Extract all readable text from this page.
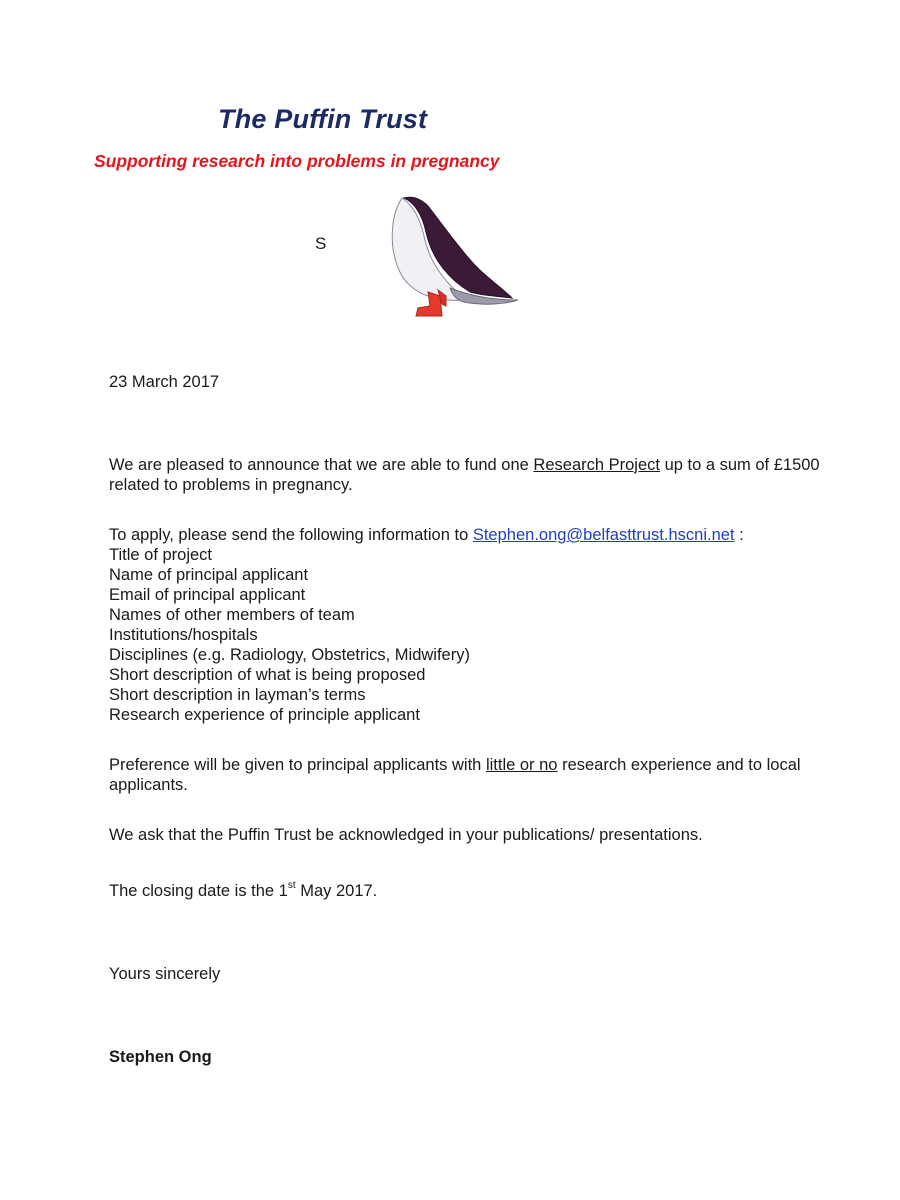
The Puffin Trust
Supporting research into problems in pregnancy
S
23 March 2017
We are pleased to announce that we are able to fund one Research Project up to a sum of £1500 related to problems in pregnancy.
To apply, please send the following information to Stephen.ong@belfasttrust.hscni.net :
Title of project
Name of principal applicant
Email of principal applicant
Names of other members of team
Institutions/hospitals
Disciplines (e.g. Radiology, Obstetrics, Midwifery)
Short description of what is being proposed
Short description in layman’s terms
Research experience of principle applicant
Preference will be given to principal applicants with little or no research experience and to local applicants.
We ask that the Puffin Trust be acknowledged in your publications/ presentations.
The closing date is the 1st May 2017.
Yours sincerely
Stephen Ong
